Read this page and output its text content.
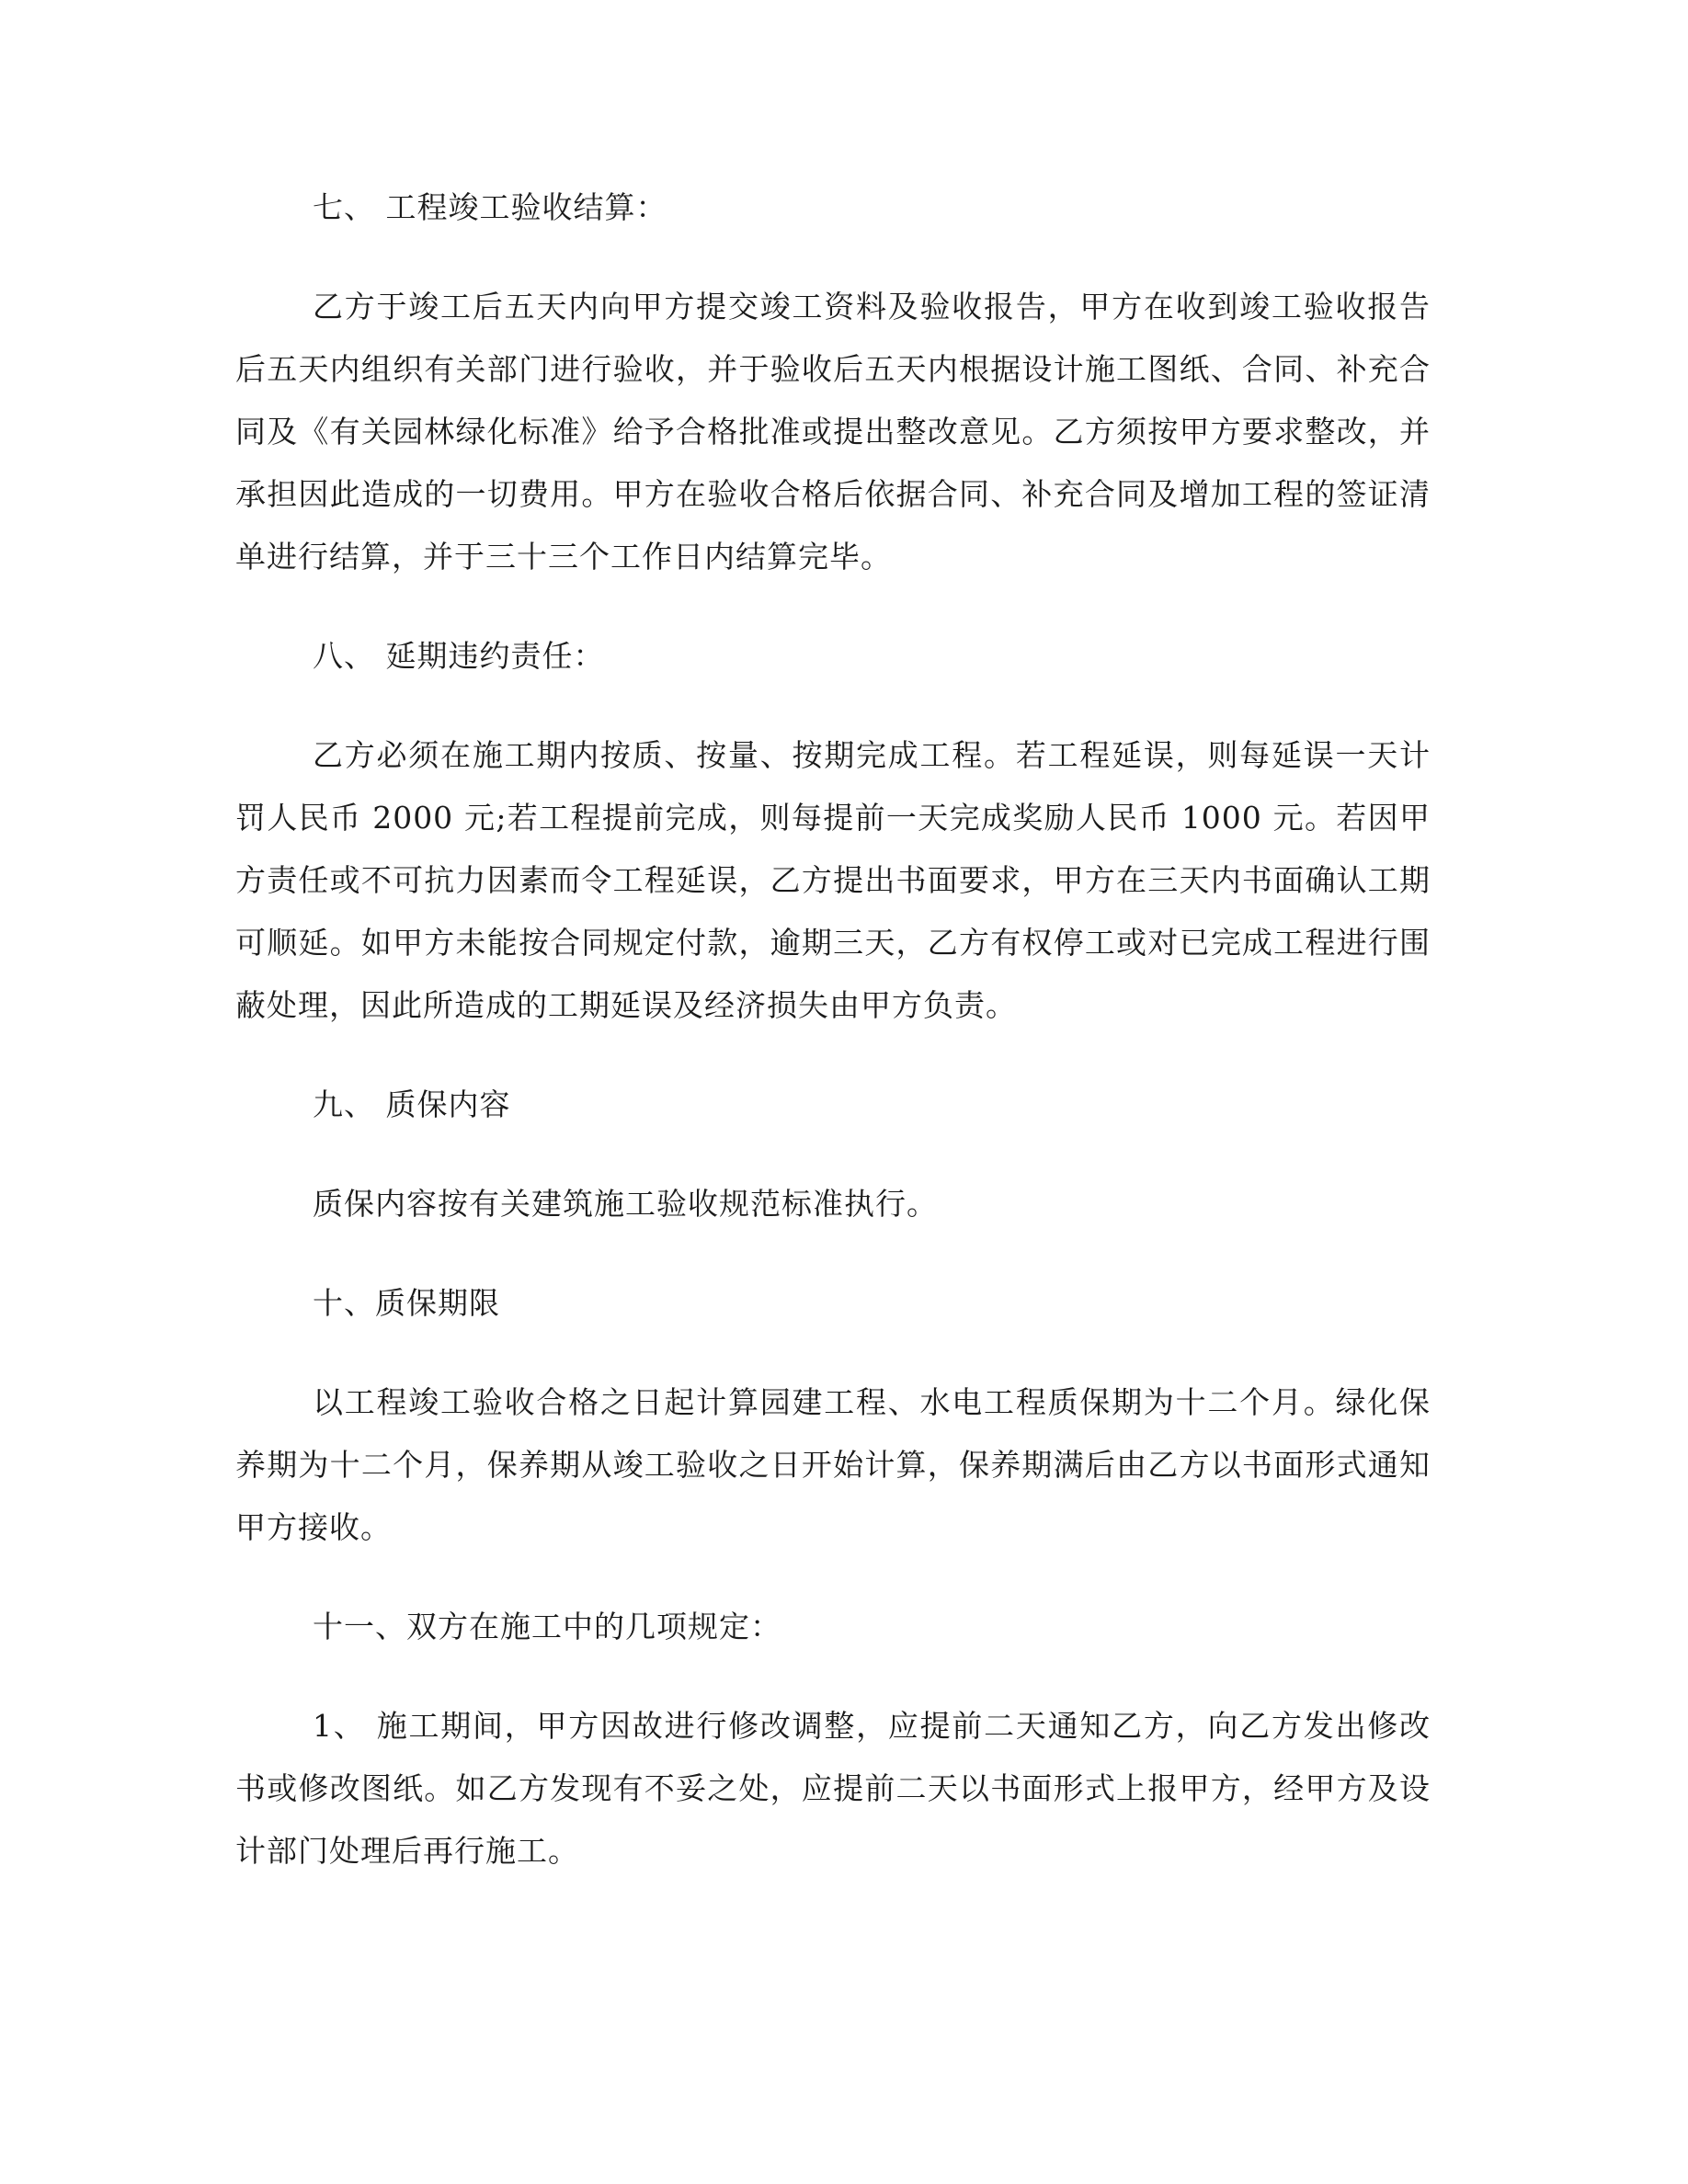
七、 工程竣工验收结算：

乙方于竣工后五天内向甲方提交竣工资料及验收报告，甲方在收到竣工验收报告后五天内组织有关部门进行验收，并于验收后五天内根据设计施工图纸、合同、补充合同及《有关园林绿化标准》给予合格批准或提出整改意见。乙方须按甲方要求整改，并承担因此造成的一切费用。甲方在验收合格后依据合同、补充合同及增加工程的签证清单进行结算，并于三十三个工作日内结算完毕。

八、 延期违约责任：

乙方必须在施工期内按质、按量、按期完成工程。若工程延误，则每延误一天计罚人民币 2000 元;若工程提前完成，则每提前一天完成奖励人民币 1000 元。若因甲方责任或不可抗力因素而令工程延误，乙方提出书面要求，甲方在三天内书面确认工期可顺延。如甲方未能按合同规定付款，逾期三天，乙方有权停工或对已完成工程进行围蔽处理，因此所造成的工期延误及经济损失由甲方负责。

九、 质保内容

质保内容按有关建筑施工验收规范标准执行。

十、质保期限

以工程竣工验收合格之日起计算园建工程、水电工程质保期为十二个月。绿化保养期为十二个月，保养期从竣工验收之日开始计算，保养期满后由乙方以书面形式通知 甲方接收。

十一、双方在施工中的几项规定：

1、 施工期间，甲方因故进行修改调整，应提前二天通知乙方，向乙方发出修改书或修改图纸。如乙方发现有不妥之处，应提前二天以书面形式上报甲方，经甲方及设计部门处理后再行施工。
